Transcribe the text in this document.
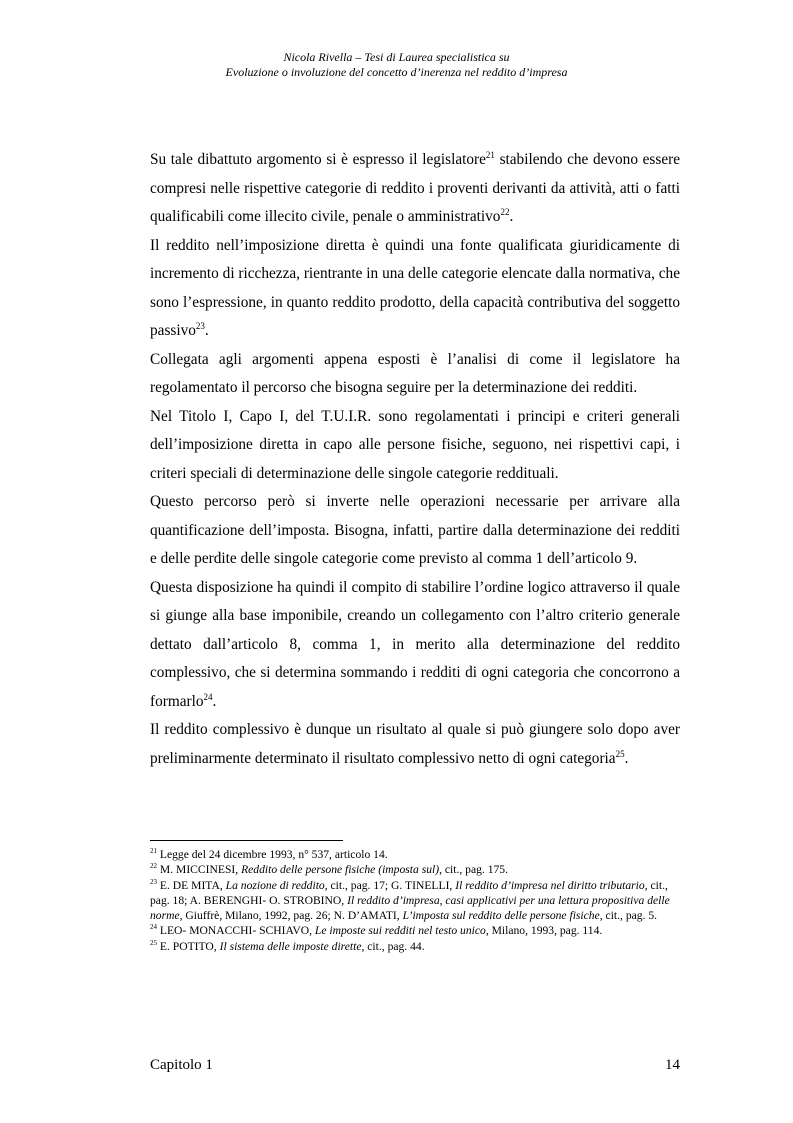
Nicola Rivella – Tesi di Laurea specialistica su
Evoluzione o involuzione del concetto d’inerenza nel reddito d’impresa

Su tale dibattuto argomento si è espresso il legislatore$^{21}$ stabilendo che devono essere compresi nelle rispettive categorie di reddito i proventi derivanti da attività, atti o fatti qualificabili come illecito civile, penale o amministrativo$^{22}$.

Il reddito nell’imposizione diretta è quindi una fonte qualificata giuridicamente di incremento di ricchezza, rientrante in una delle categorie elencate dalla normativa, che sono l’espressione, in quanto reddito prodotto, della capacità contributiva del soggetto passivo$^{23}$.

Collegata agli argomenti appena esposti è l’analisi di come il legislatore ha regolamentato il percorso che bisogna seguire per la determinazione dei redditi.

Nel Titolo I, Capo I, del T.U.I.R. sono regolamentati i principi e criteri generali dell’imposizione diretta in capo alle persone fisiche, seguono, nei rispettivi capi, i criteri speciali di determinazione delle singole categorie reddituali.

Questo percorso però si inverte nelle operazioni necessarie per arrivare alla quantificazione dell’imposta. Bisogna, infatti, partire dalla determinazione dei redditi e delle perdite delle singole categorie come previsto al comma 1 dell’articolo 9.

Questa disposizione ha quindi il compito di stabilire l’ordine logico attraverso il quale si giunge alla base imponibile, creando un collegamento con l’altro criterio generale dettato dall’articolo 8, comma 1, in merito alla determinazione del reddito complessivo, che si determina sommando i redditi di ogni categoria che concorrono a formarlo$^{24}$.

Il reddito complessivo è dunque un risultato al quale si può giungere solo dopo aver preliminarmente determinato il risultato complessivo netto di ogni categoria$^{25}$.

$^{21}$ Legge del 24 dicembre 1993, n° 537, articolo 14.

$^{22}$ M. MICCINESI, Reddito delle persone fisiche (imposta sul), cit., pag. 175.

$^{23}$ E. DE MITA, La nozione di reddito, cit., pag. 17; G. TINELLI, Il reddito d’impresa nel diritto tributario, cit., pag. 18; A. BERENGHI- O. STROBINO, Il reddito d’impresa, casi applicativi per una lettura propositiva delle norme, Giuffrè, Milano, 1992, pag. 26; N. D’AMATI, L’imposta sul reddito delle persone fisiche, cit., pag. 5.

$^{24}$ LEO- MONACCHI- SCHIAVO, Le imposte sui redditi nel testo unico, Milano, 1993, pag. 114.

$^{25}$ E. POTITO, Il sistema delle imposte dirette, cit., pag. 44.

Capitolo 1	14
